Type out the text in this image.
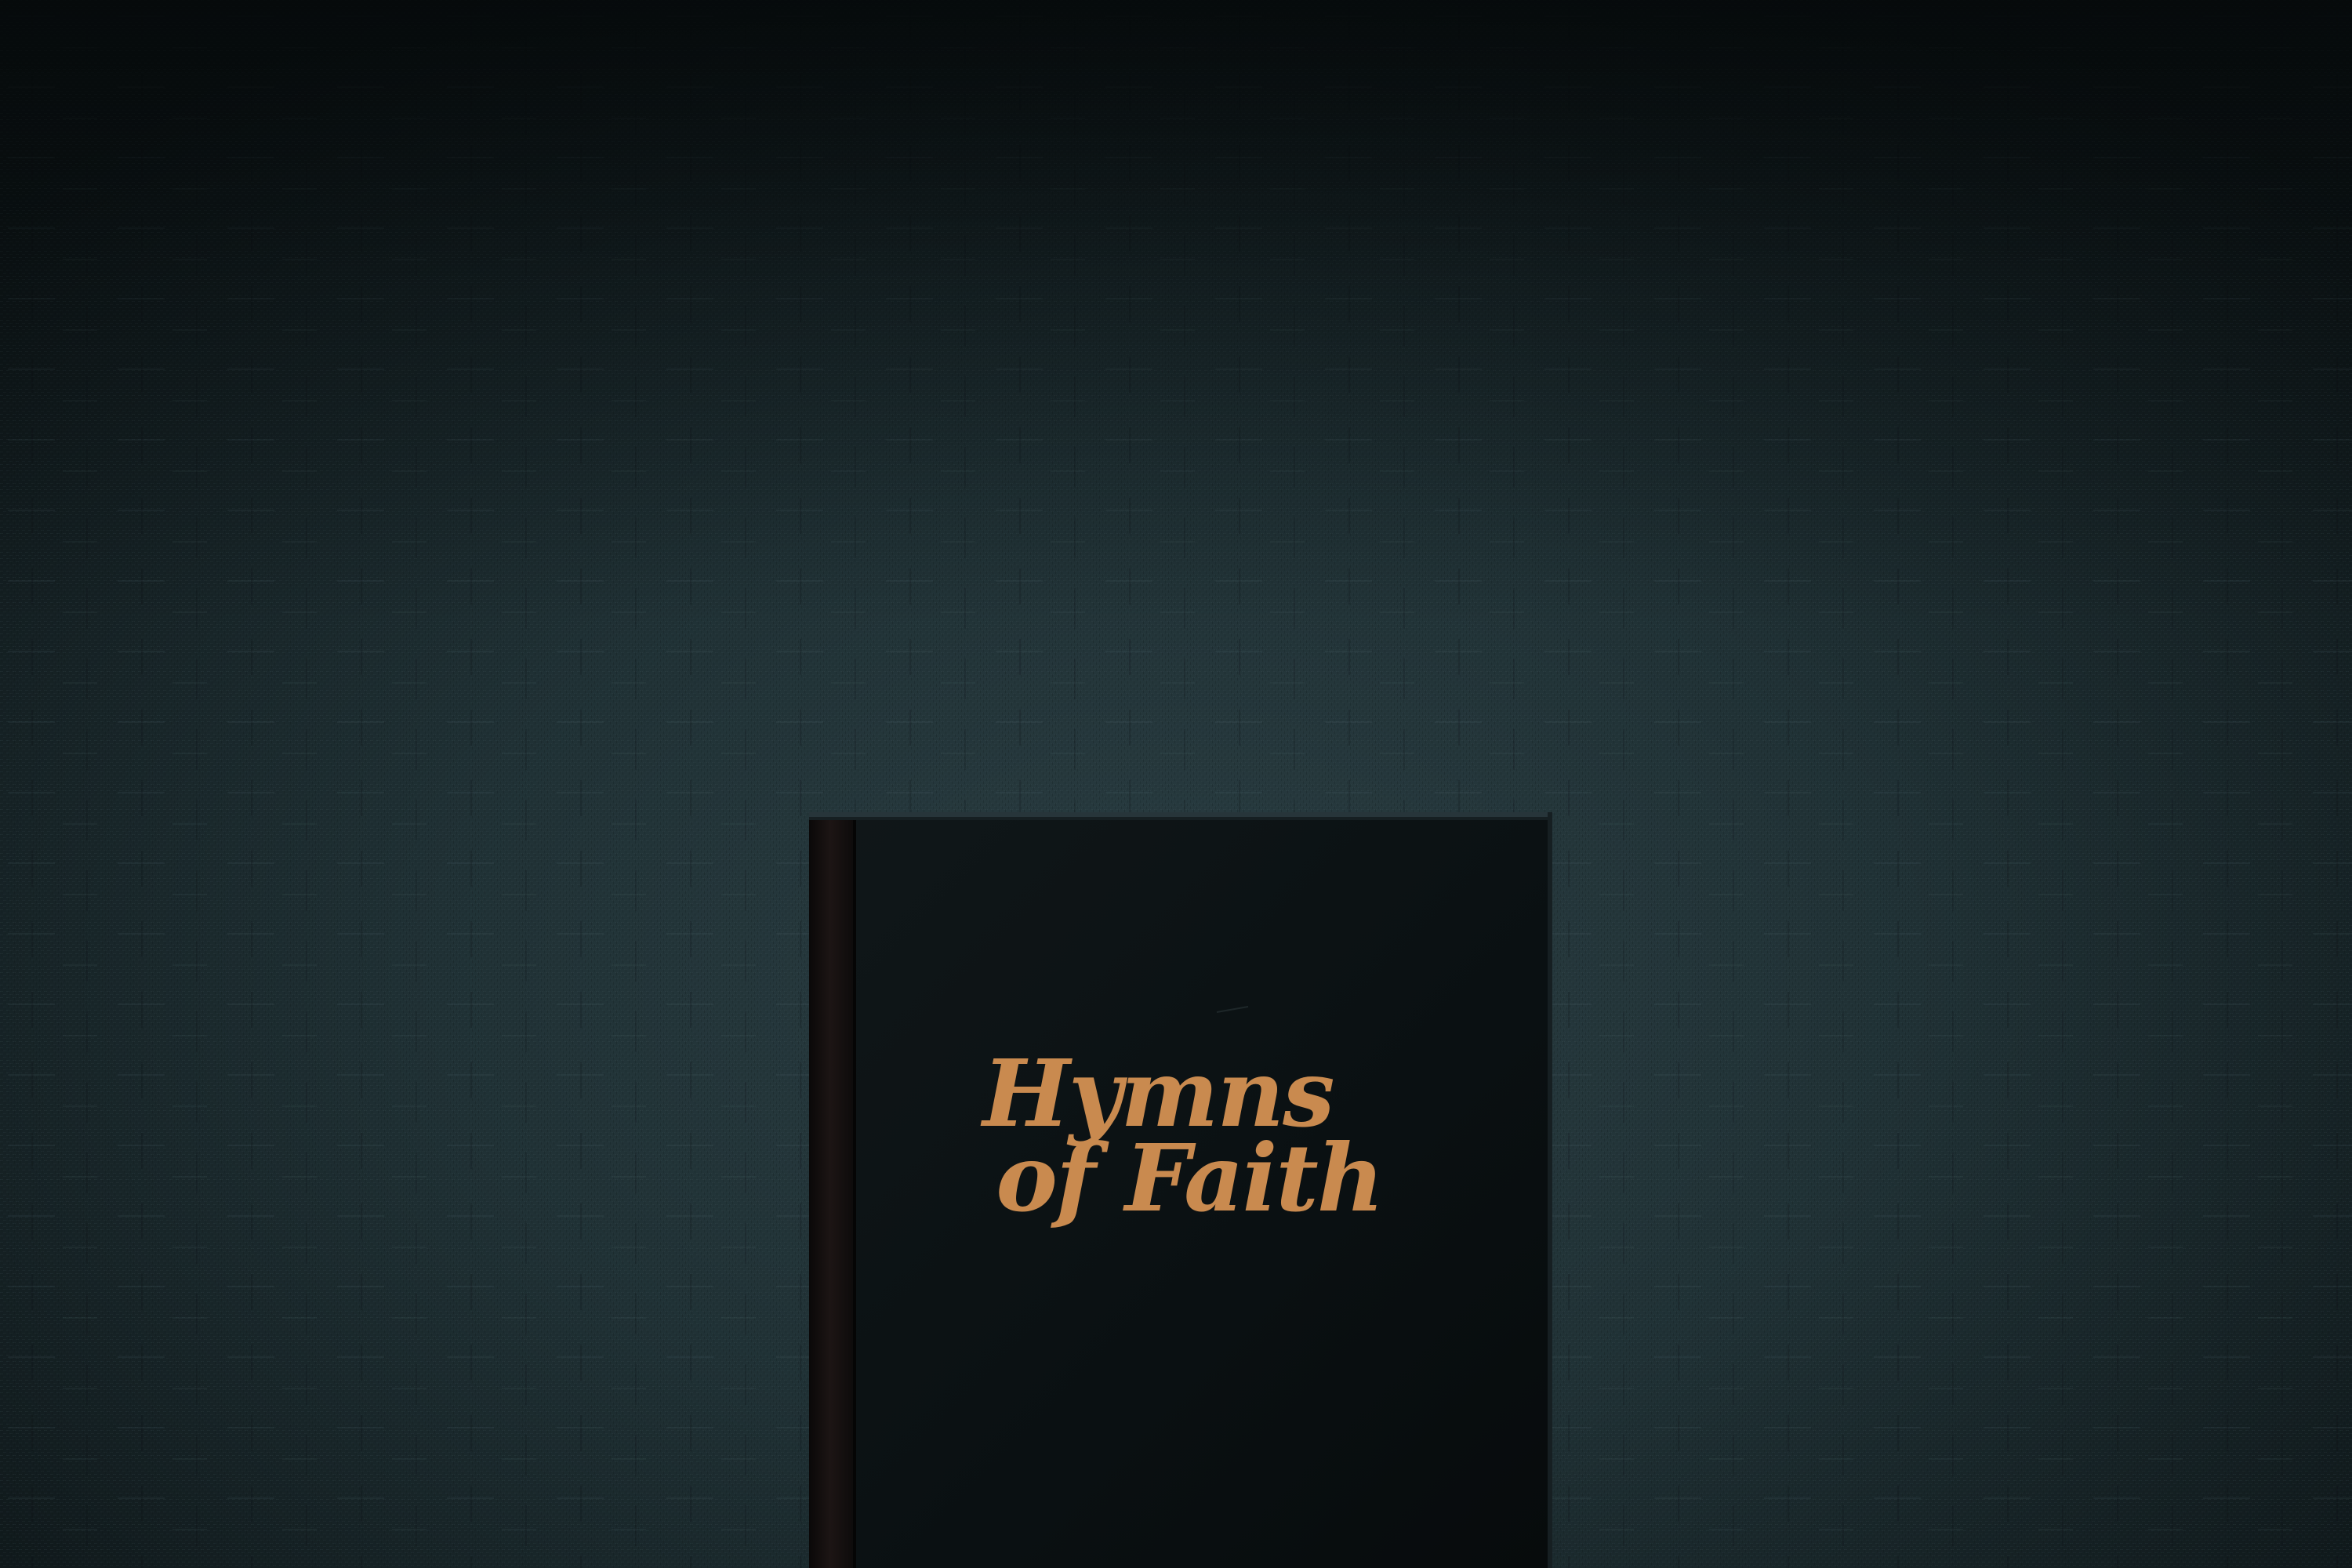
Hymns
of Faith
